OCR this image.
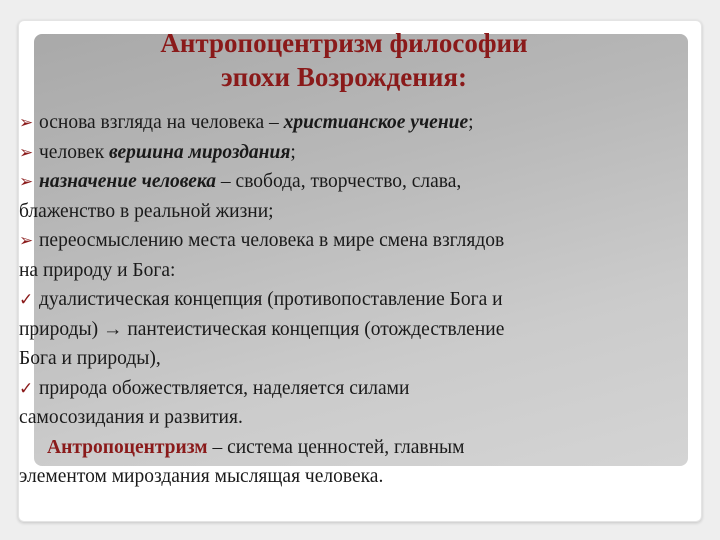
Антропоцентризм философии
эпохи Возрождения:
➢ основа взгляда на человека – христианское учение;
➢ человек вершина мироздания;
➢ назначение человека – свобода, творчество, слава,
блаженство в реальной жизни;
➢ переосмыслению места человека в мире смена взглядов
на природу и Бога:
✓ дуалистическая концепция (противопоставление Бога и
природы) → пантеистическая концепция (отождествление
Бога и природы),
✓ природа обожествляется, наделяется силами
самосозидания и развития.
Антропоцентризм – система ценностей, главным
элементом мироздания мыслящая человека.
